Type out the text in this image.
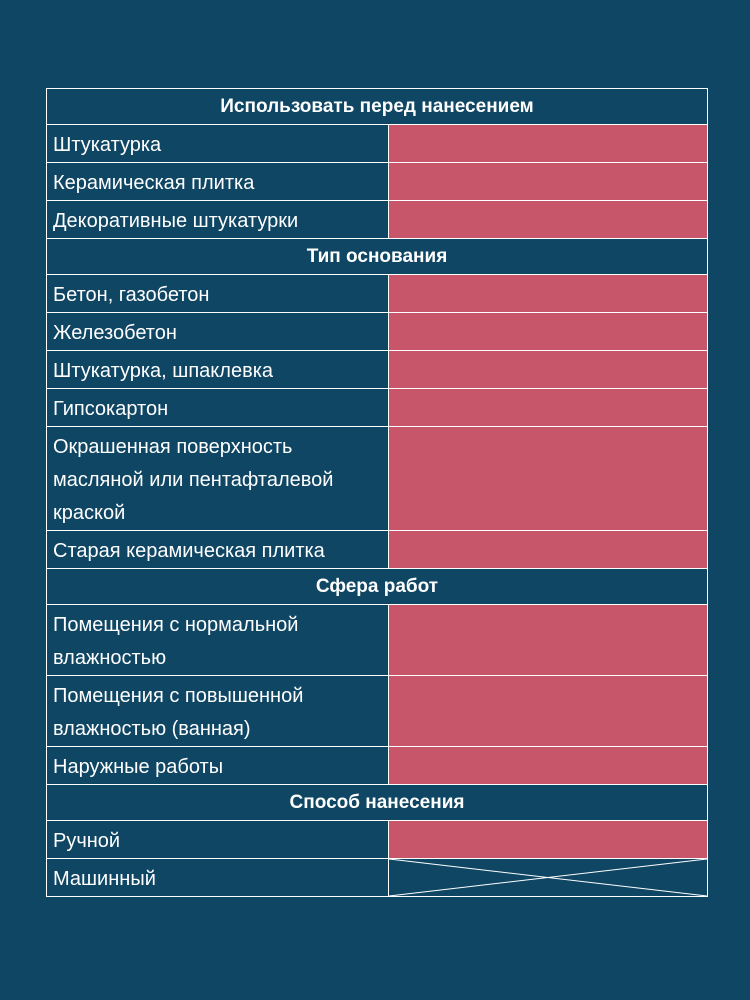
Использовать перед нанесением
Штукатурка
Керамическая плитка
Декоративные штукатурки
Тип основания
Бетон, газобетон
Железобетон
Штукатурка, шпаклевка
Гипсокартон
Окрашенная поверхность масляной или пентафталевой краской
Старая керамическая плитка
Сфера работ
Помещения с нормальной влажностью
Помещения с повышенной влажностью (ванная)
Наружные работы
Способ нанесения
Ручной
Машинный
